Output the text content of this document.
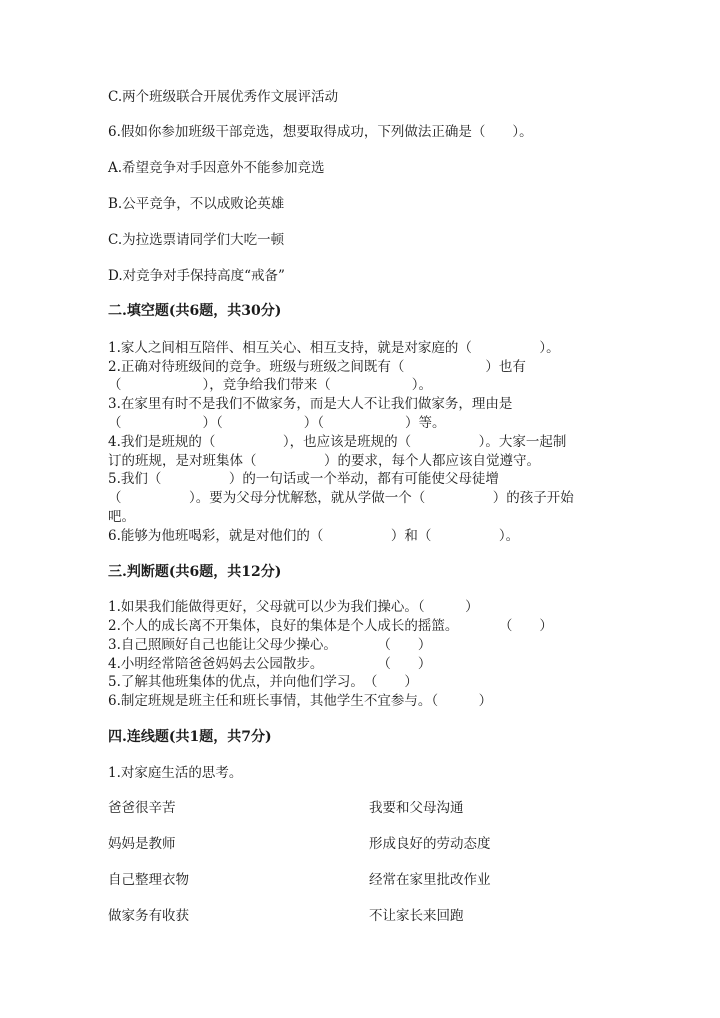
C.两个班级联合开展优秀作文展评活动
6.假如你参加班级干部竞选，想要取得成功，下列做法正确是（　　）。
A.希望竞争对手因意外不能参加竞选
B.公平竞争，不以成败论英雄
C.为拉选票请同学们大吃一顿
D.对竞争对手保持高度“戒备”
二.填空题(共6题，共30分)
1.家人之间相互陪伴、相互关心、相互支持，就是对家庭的（　　　　　）。
2.正确对待班级间的竞争。班级与班级之间既有（　　　　　　）也有
（　　　　　　），竞争给我们带来（　　　　　　）。
3.在家里有时不是我们不做家务，而是大人不让我们做家务，理由是
（　　　　　　）（　　　　　　）（　　　　　　）等。
4.我们是班规的（　　　　　），也应该是班规的（　　　　　）。大家一起制
订的班规，是对班集体（　　　　　）的要求，每个人都应该自觉遵守。
5.我们（　　　　　）的一句话或一个举动，都有可能使父母徒增
（　　　　　）。要为父母分忧解愁，就从学做一个（　　　　　）的孩子开始
吧。
6.能够为他班喝彩，就是对他们的（　　　　　）和（　　　　　）。
三.判断题(共6题，共12分)
1.如果我们能做得更好，父母就可以少为我们操心。（　　　）
2.个人的成长离不开集体，良好的集体是个人成长的摇篮。　　　　（　　）
3.自己照顾好自己也能让父母少操心。　　　　（　　）
4.小明经常陪爸爸妈妈去公园散步。　　　　　（　　）
5.了解其他班集体的优点，并向他们学习。　（　　）
6.制定班规是班主任和班长事情，其他学生不宜参与。（　　　）
四.连线题(共1题，共7分)
1.对家庭生活的思考。
爸爸很辛苦	我要和父母沟通
妈妈是教师	形成良好的劳动态度
自己整理衣物	经常在家里批改作业
做家务有收获	不让家长来回跑
